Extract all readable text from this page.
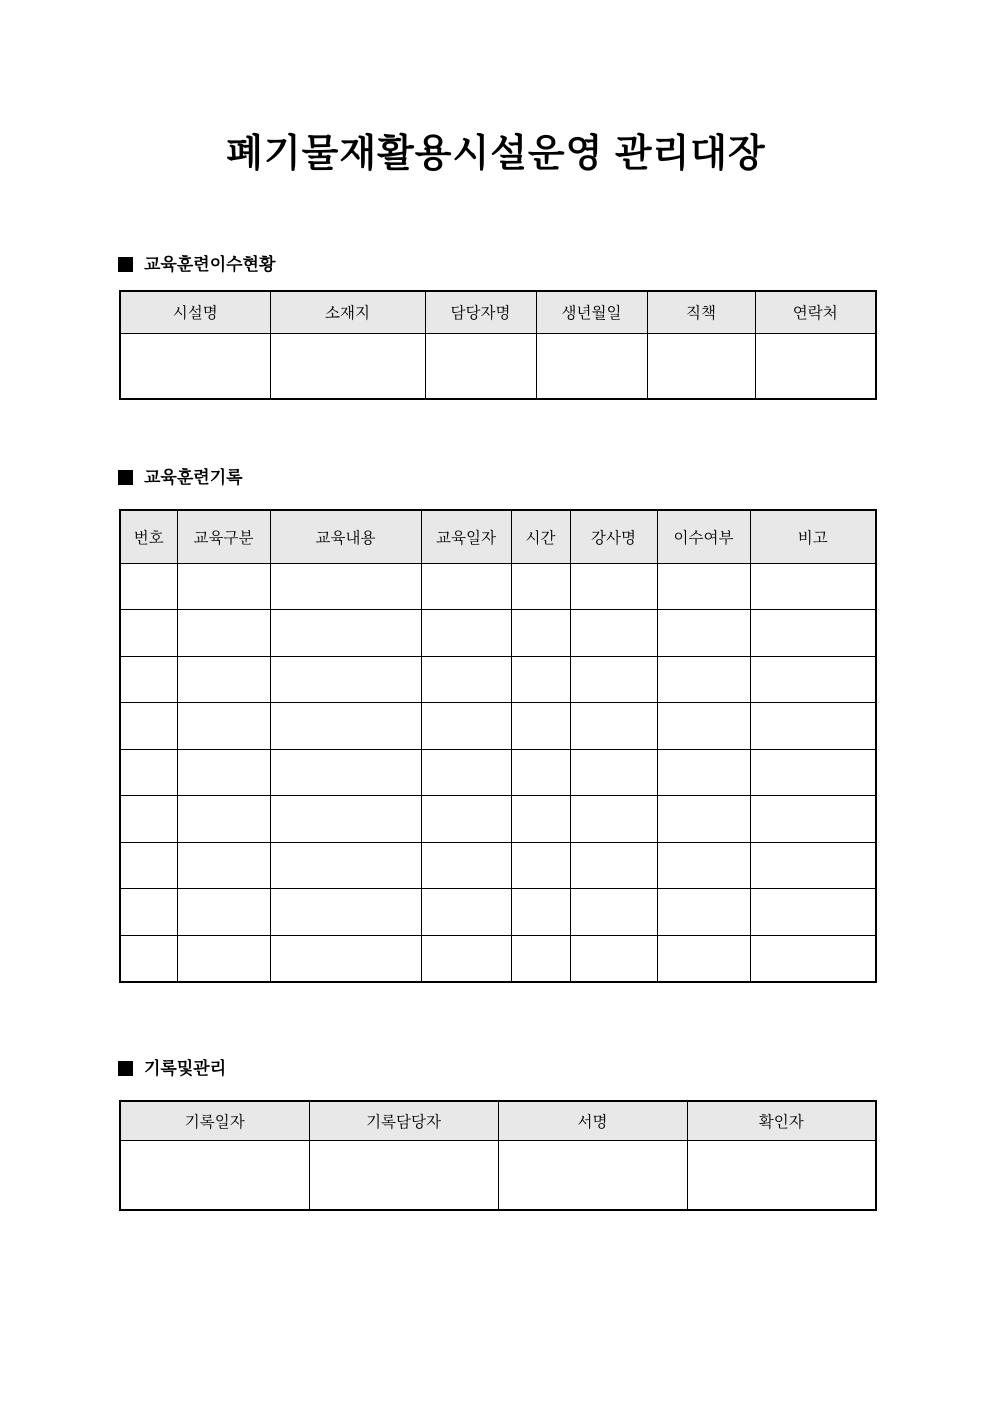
폐기물재활용시설운영 관리대장
교육훈련이수현황
시설명	소재지	담당자명	생년월일	직책	연락처

교육훈련기록
번호	교육구분	교육내용	교육일자	시간	강사명	이수여부	비고

기록및관리
기록일자	기록담당자	서명	확인자
